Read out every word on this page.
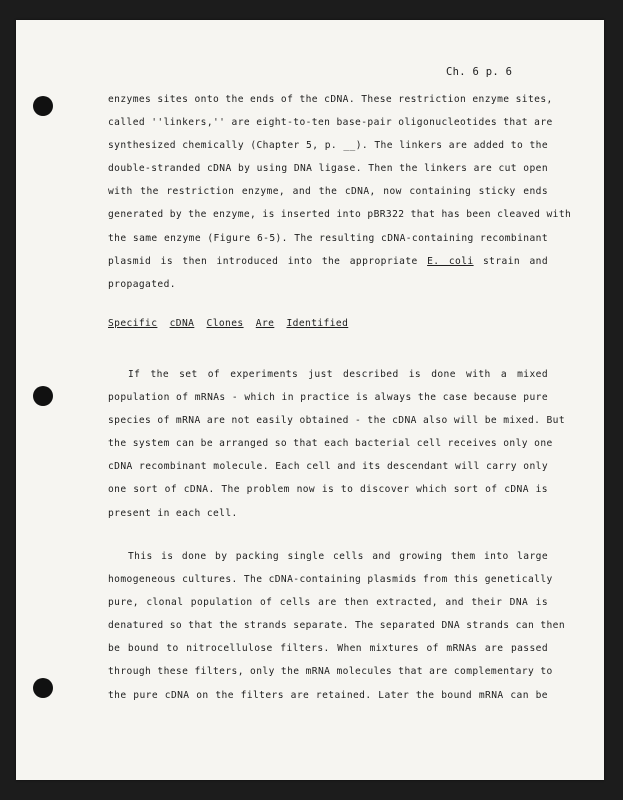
Ch. 6 p. 6
enzymes sites onto the ends of the cDNA. These restriction enzyme sites,
called ''linkers,'' are eight-to-ten base-pair oligonucleotides that are
synthesized chemically (Chapter 5, p. __). The linkers are added to the
double-stranded cDNA by using DNA ligase. Then the linkers are cut open
with the restriction enzyme, and the cDNA, now containing sticky ends
generated by the enzyme, is inserted into pBR322 that has been cleaved with
the same enzyme (Figure 6-5). The resulting cDNA-containing recombinant
plasmid is then introduced into the appropriate E. coli strain and
propagated.
Specific cDNA Clones Are Identified
If the set of experiments just described is done with a mixed
population of mRNAs - which in practice is always the case because pure
species of mRNA are not easily obtained - the cDNA also will be mixed. But
the system can be arranged so that each bacterial cell receives only one
cDNA recombinant molecule. Each cell and its descendant will carry only
one sort of cDNA. The problem now is to discover which sort of cDNA is
present in each cell.
This is done by packing single cells and growing them into large
homogeneous cultures. The cDNA-containing plasmids from this genetically
pure, clonal population of cells are then extracted, and their DNA is
denatured so that the strands separate. The separated DNA strands can then
be bound to nitrocellulose filters. When mixtures of mRNAs are passed
through these filters, only the mRNA molecules that are complementary to
the pure cDNA on the filters are retained. Later the bound mRNA can be
